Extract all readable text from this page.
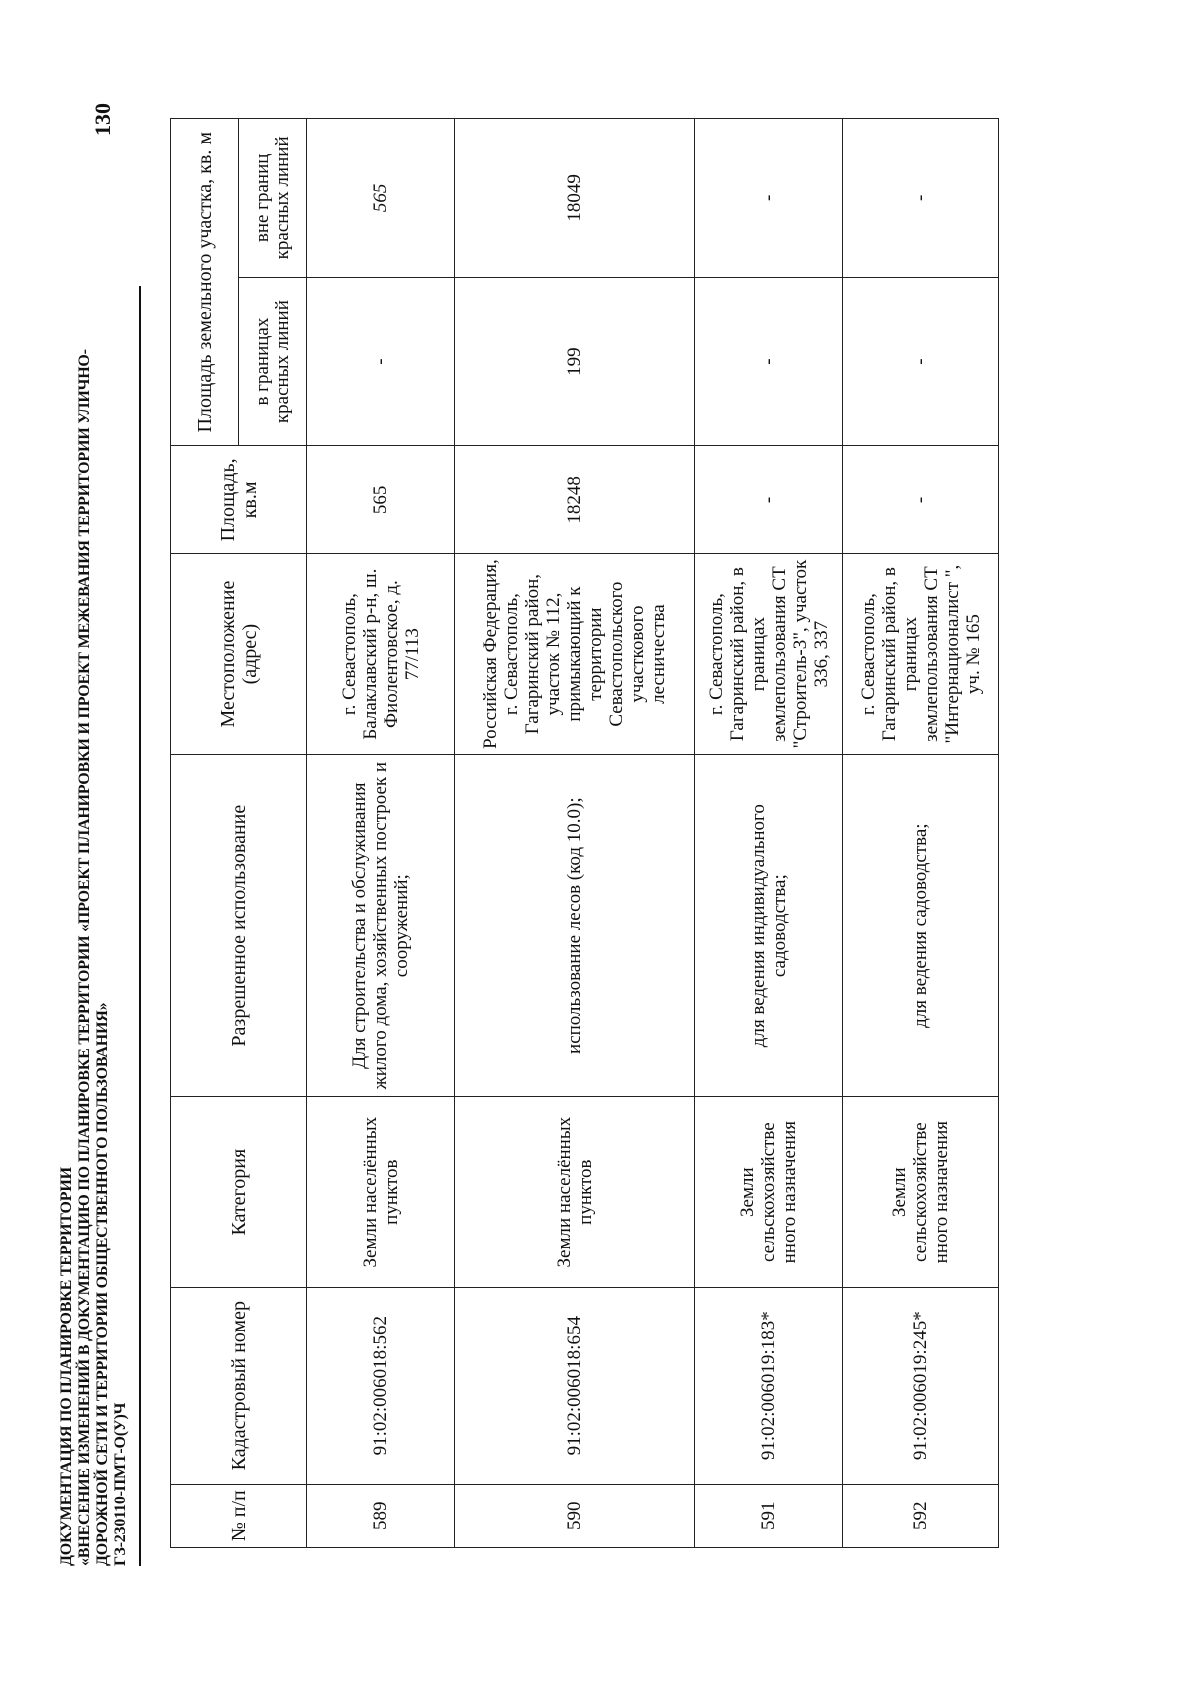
ДОКУМЕНТАЦИЯ ПО ПЛАНИРОВКЕ ТЕРРИТОРИИ «ВНЕСЕНИЕ ИЗМЕНЕНИЙ В ДОКУМЕНТАЦИЮ ПО ПЛАНИРОВКЕ ТЕРРИТОРИИ «ПРОЕКТ ПЛАНИРОВКИ И ПРОЕКТ МЕЖЕВАНИЯ ТЕРРИТОРИИ УЛИЧНО- ДОРОЖНОЙ СЕТИ И ТЕРРИТОРИИ ОБЩЕСТВЕННОГО ПОЛЬЗОВАНИЯ» ГЗ-230110-ПМТ-О(У)Ч
130
№ п/п	Кадастровый номер	Категория	Разрешенное использование	Местоположение (адрес)	Площадь, кв.м	Площадь земельного участка, кв. м	
						в границах красных линий	вне границ красных линий
589	91:02:006018:562	Земли населённых пунктов	Для строительства и обслуживания жилого дома, хозяйственных построек и сооружений;	г. Севастополь, Балаклавский р-н, ш. Фиолентовское, д. 77/113	565	-	565
590	91:02:006018:654	Земли населённых пунктов	использование лесов (код 10.0);	Российская Федерация, г. Севастополь, Гагаринский район, участок № 112, примыкающий к территории Севастопольского участкового лесничества	18248	199	18049
591	91:02:006019:183*	Земли сельскохозяйстве нного назначения	для ведения индивидуального садоводства;	г. Севастополь, Гагаринский район, в границах землепользования СТ "Строитель-3", участок 336, 337	-	-	-
592	91:02:006019:245*	Земли сельскохозяйстве нного назначения	для ведения садоводства;	г. Севастополь, Гагаринский район, в границах землепользования СТ "Интернационалист ", уч. № 165	-	-	-
